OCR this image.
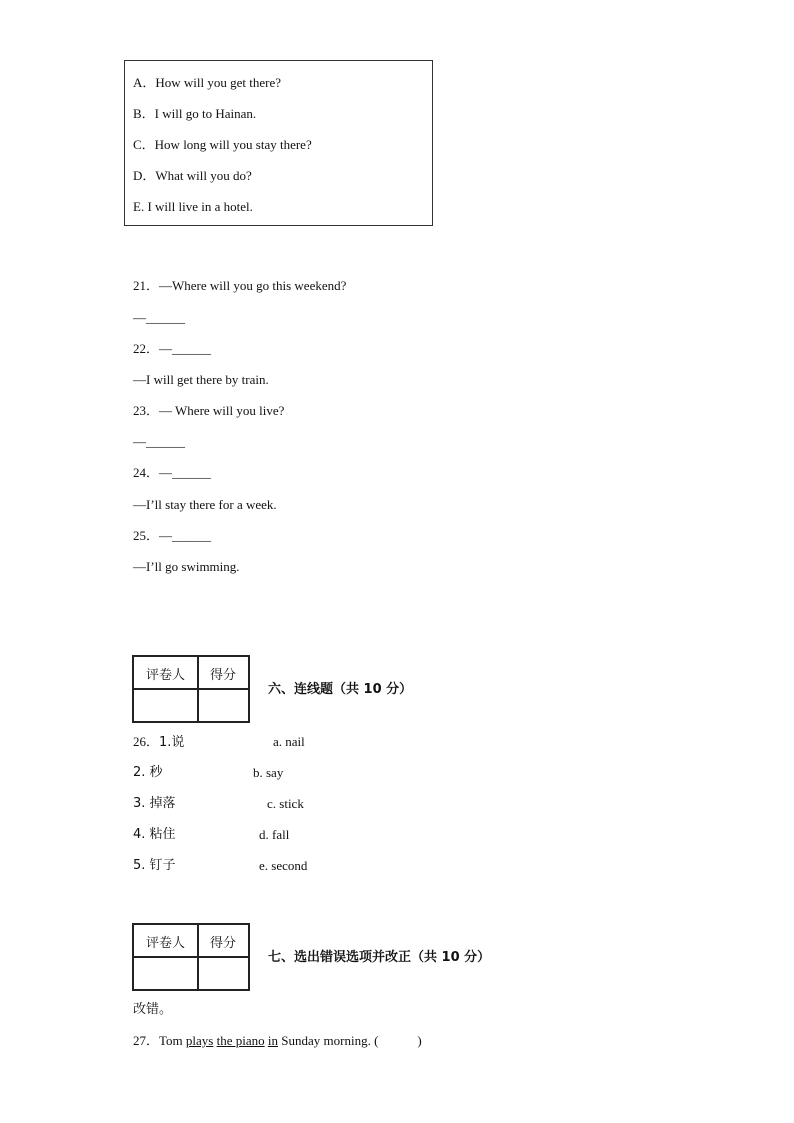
A．How will you get there?
B．I will go to Hainan.
C．How long will you stay there?
D．What will you do?
E. I will live in a hotel.
21．—Where will you go this weekend?
—______
22．—______
—I will get there by train.
23．— Where will you live?
—______
24．—______
—I’ll stay there for a week.
25．—______
—I’ll go swimming.
评卷人 得分
六、连线题（共 10 分）
26．1.说	a. nail
2. 秒	b. say
3. 掉落	c. stick
4. 粘住	d. fall
5. 钉子	e. second
评卷人 得分
七、选出错误选项并改正（共 10 分）
改错。
27．Tom plays the piano in Sunday morning. (	)
